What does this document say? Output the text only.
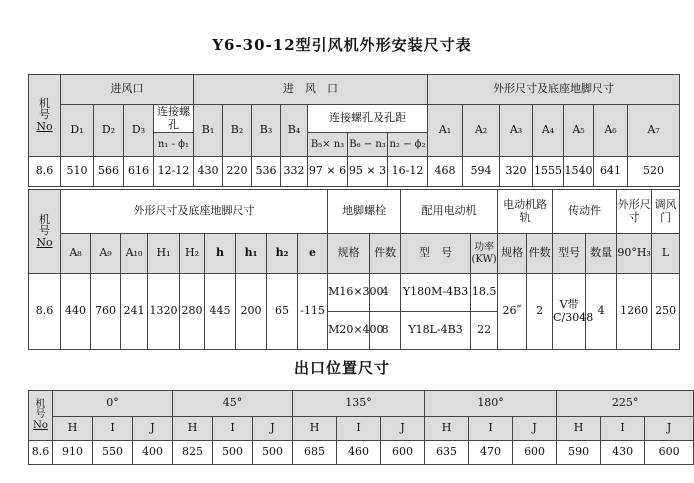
Y6-30-12型引风机外形安装尺寸表
机
号
No	进风口				进　风　口							外形尺寸及底座地脚尺寸						
	D₁	D₂	D₃	连接螺孔	B₁	B₂	B₃	B₄	连接螺孔及孔距			A₁	A₂	A₃	A₄	A₅	A₆	A₇
				n₁ - ϕ₁					B₅× n₃	B₆ − n₃	n₂ − ϕ₂							
8.6	510	566	616	12-12	430	220	536	332	97 × 6	95 × 3	16-12	468	594	320	1555	1540	641	520
机
号
No	外形尺寸及底座地脚尺寸									地脚螺栓		配用电动机		电动机路轨		传动件		外形尺寸	调风门
	A₈	A₉	A₁₀	H₁	H₂	h	h₁	h₂	e	规格	件数	型　号	功率(KW)	规格	件数	型号	数量	90°H₃	L
8.6	440	760	241	1320	280	445	200	65	-115	M16×300	4	Y180M-4B3	18.5	26ʺ	2	V带C/3048	4	1260	250
										M20×400	8	Y18L-4B3	22						
出口位置尺寸
机
号
No	0°			45°			135°			180°			225°		
	H	I	J	H	I	J	H	I	J	H	I	J	H	I	J
8.6	910	550	400	825	500	500	685	460	600	635	470	600	590	430	600
